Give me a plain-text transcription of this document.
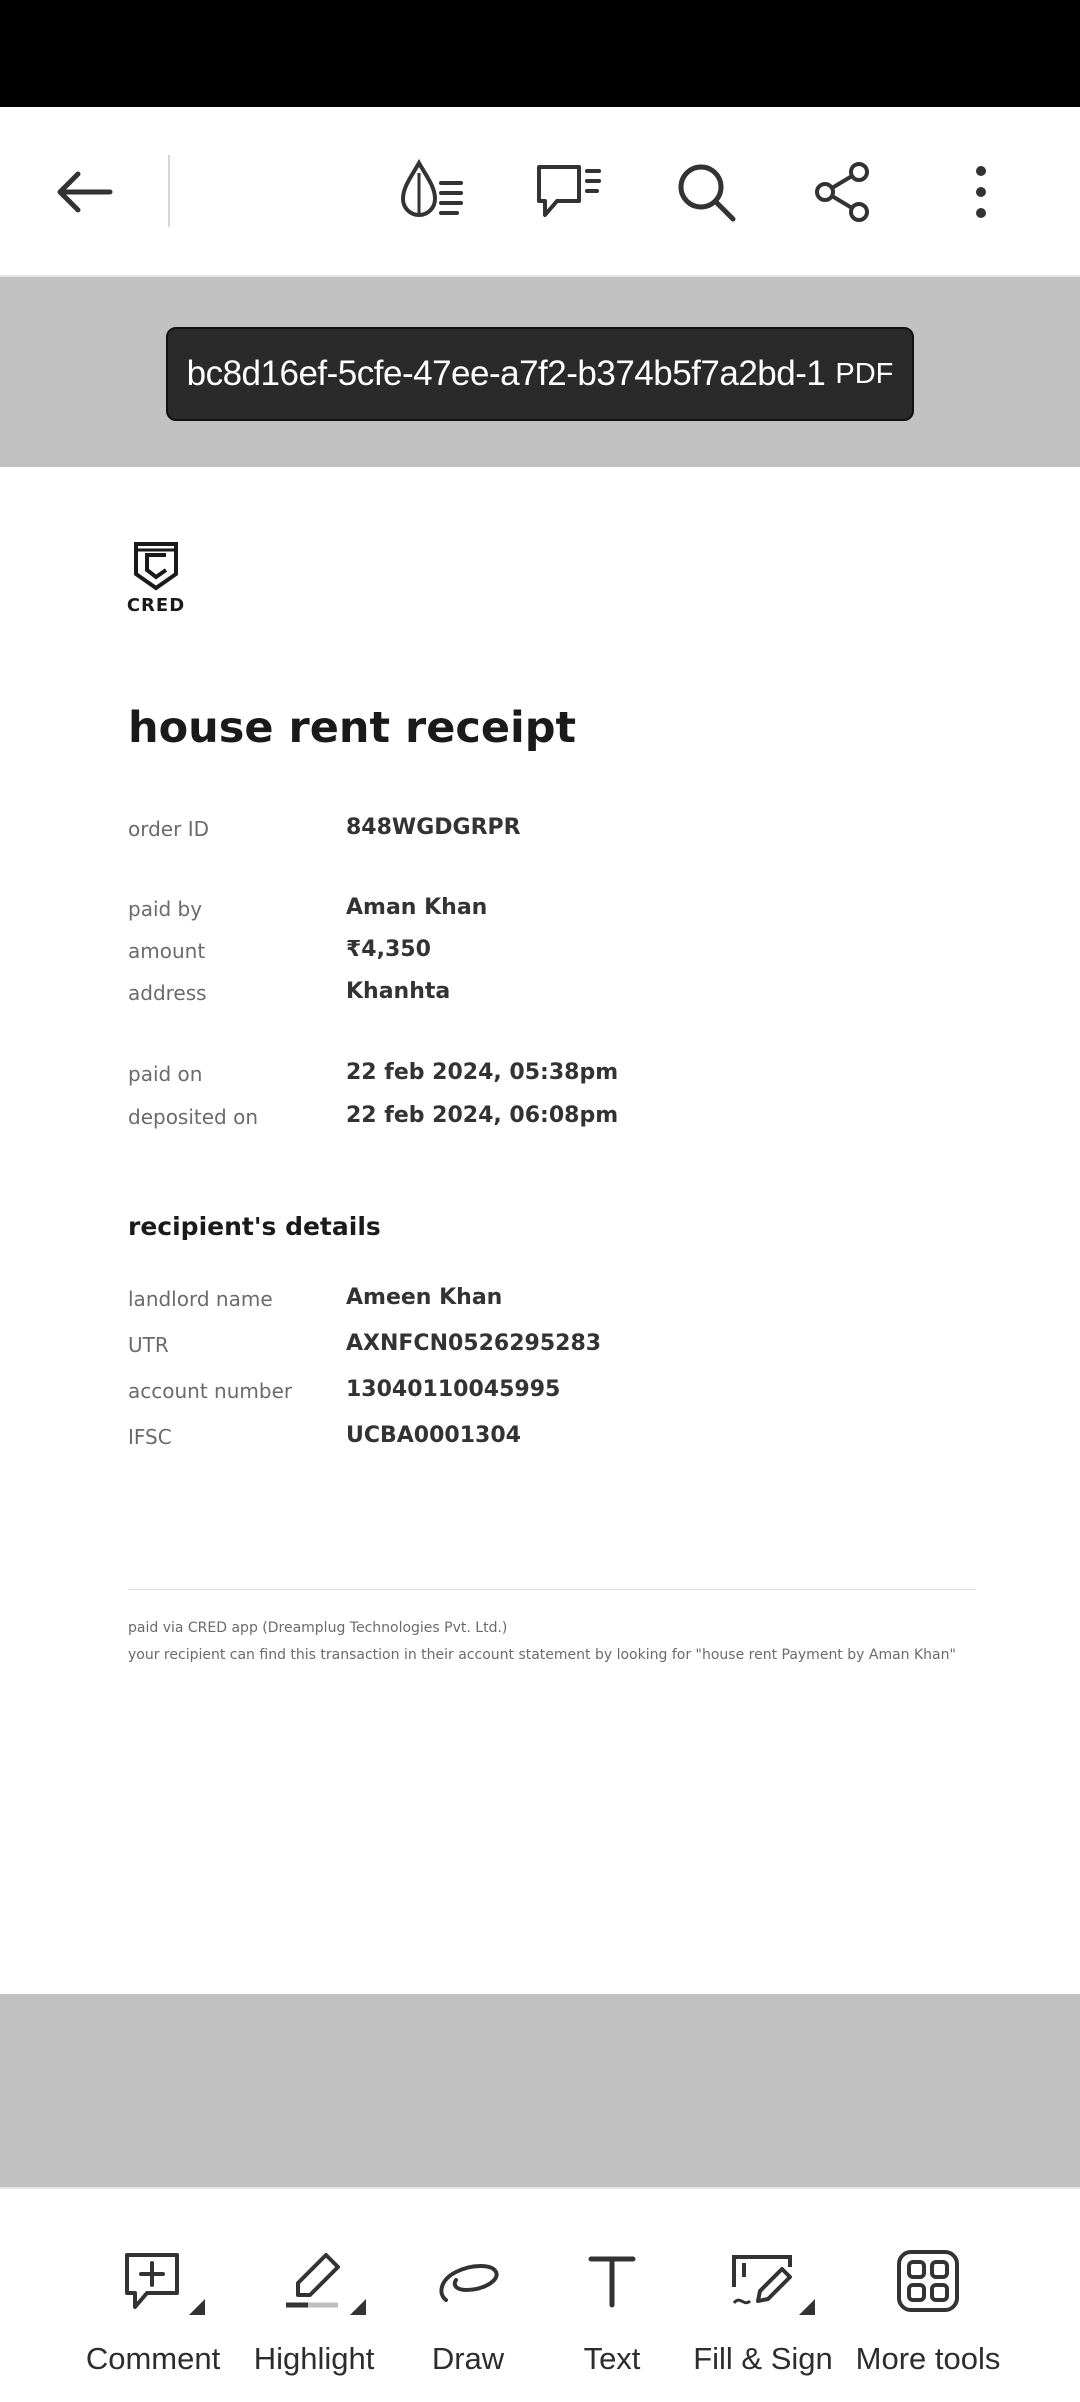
bc8d16ef-5cfe-47ee-a7f2-b374b5f7a2bd-1 PDF
CRED
house rent receipt
order ID	848WGDGRPR
paid by	Aman Khan
amount	₹4,350
address	Khanhta
paid on	22 feb 2024, 05:38pm
deposited on	22 feb 2024, 06:08pm
recipient's details
landlord name	Ameen Khan
UTR	AXNFCN0526295283
account number 13040110045995
IFSC	UCBA0001304
paid via CRED app (Dreamplug Technologies Pvt. Ltd.)
your recipient can find this transaction in their account statement by looking for "house rent Payment by Aman Khan"
Comment Highlight Draw	Text Fill & Sign More tools
